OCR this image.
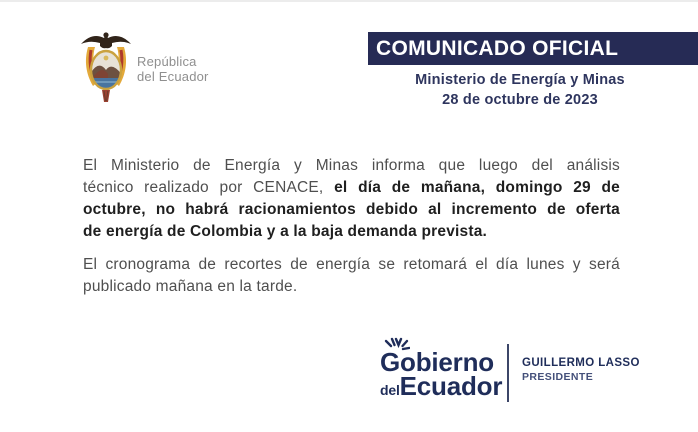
República
del Ecuador
COMUNICADO OFICIAL
Ministerio de Energía y Minas
28 de octubre de 2023
El Ministerio de Energía y Minas informa que luego del análisis
técnico realizado por CENACE, el día de mañana, domingo 29 de
octubre, no habrá racionamientos debido al incremento de oferta
de energía de Colombia y a la baja demanda prevista.
El cronograma de recortes de energía se retomará el día lunes y será
publicado mañana en la tarde.
Gobierno
delEcuador
GUILLERMO LASSO
PRESIDENTE
